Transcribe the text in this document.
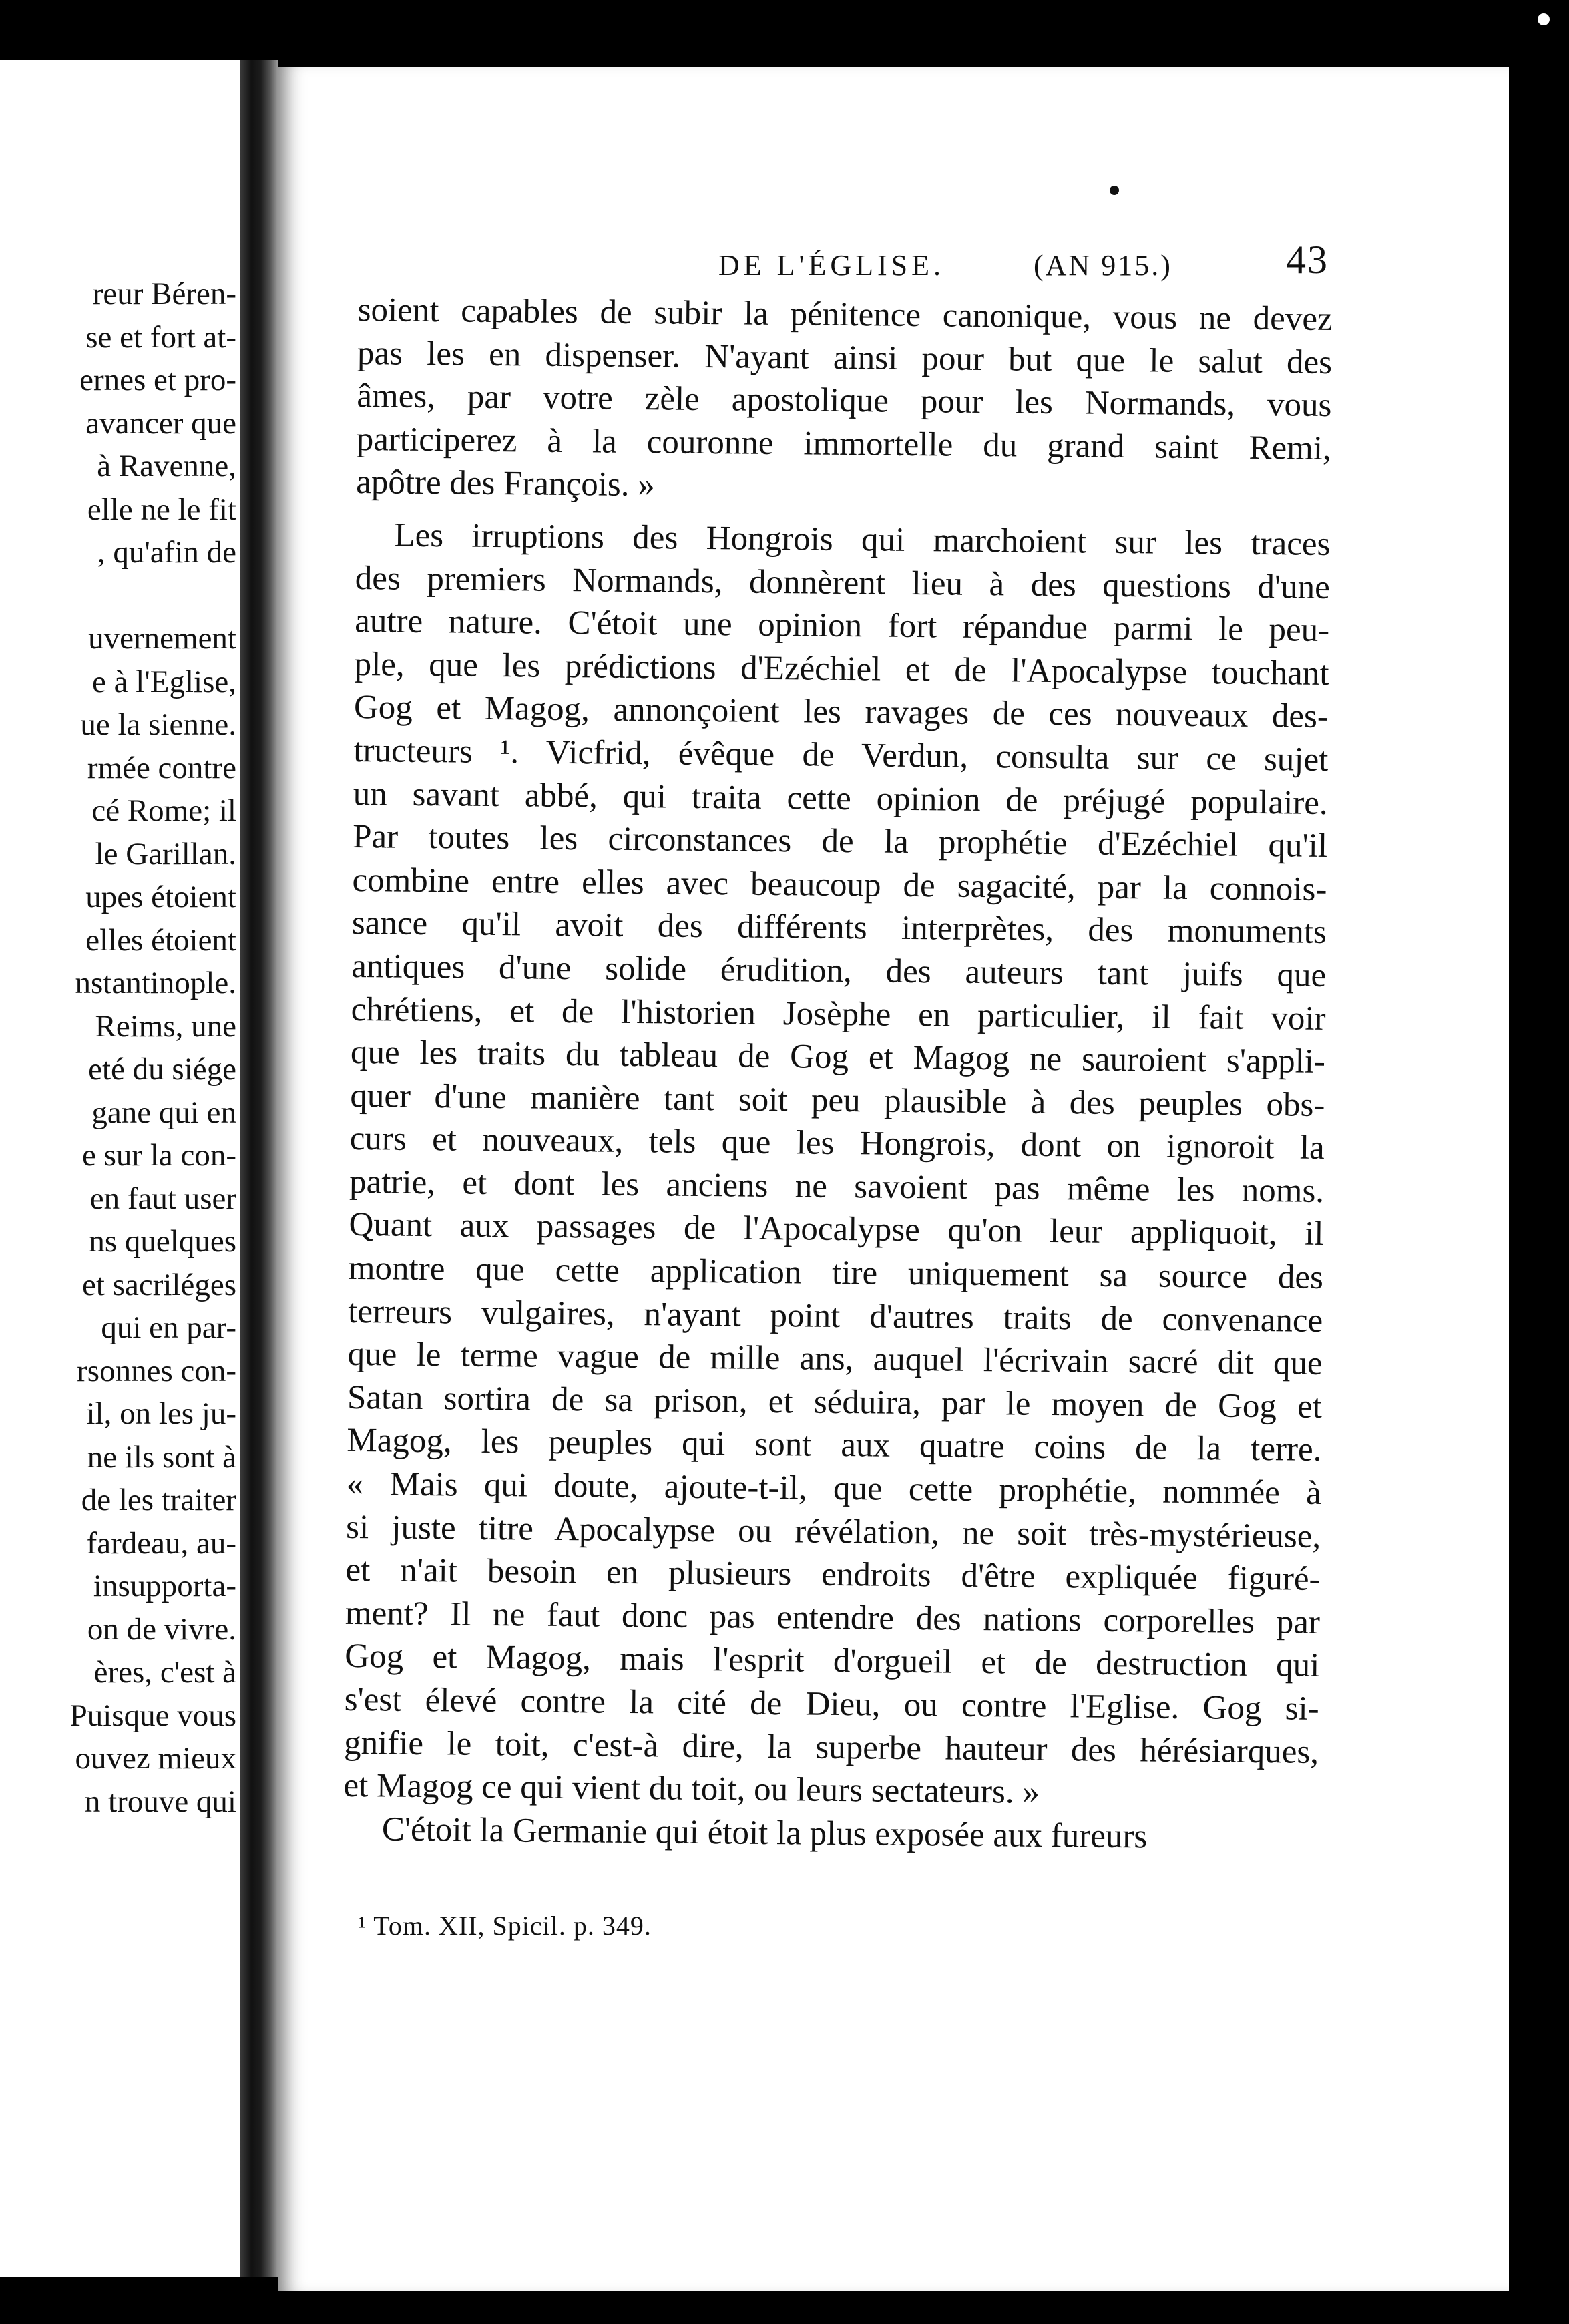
reur Béren-
se et fort at-
ernes et pro-
avancer que
à Ravenne,
elle ne le fit
, qu'afin de

uvernement
e à l'Eglise,
ue la sienne.
rmée contre
cé Rome; il
le Garillan.
upes étoient
elles étoient
nstantinople.
Reims, une
eté du siége
gane qui en
e sur la con-
en faut user
ns quelques
et sacriléges
qui en par-
rsonnes con-
il, on les ju-
ne ils sont à
de les traiter
fardeau, au-
insupporta-
on de vivre.
ères, c'est à
Puisque vous
ouvez mieux
n trouve qui
DE L'ÉGLISE.	(AN 915.)	43
soient capables de subir la pénitence canonique, vous ne devez
pas les en dispenser. N'ayant ainsi pour but que le salut des
âmes, par votre zèle apostolique pour les Normands, vous
participerez à la couronne immortelle du grand saint Remi,
apôtre des François. »
Les irruptions des Hongrois qui marchoient sur les traces
des premiers Normands, donnèrent lieu à des questions d'une
autre nature. C'étoit une opinion fort répandue parmi le peu-
ple, que les prédictions d'Ezéchiel et de l'Apocalypse touchant
Gog et Magog, annonçoient les ravages de ces nouveaux des-
tructeurs ¹. Vicfrid, évêque de Verdun, consulta sur ce sujet
un savant abbé, qui traita cette opinion de préjugé populaire.
Par toutes les circonstances de la prophétie d'Ezéchiel qu'il
combine entre elles avec beaucoup de sagacité, par la connois-
sance qu'il avoit des différents interprètes, des monuments
antiques d'une solide érudition, des auteurs tant juifs que
chrétiens, et de l'historien Josèphe en particulier, il fait voir
que les traits du tableau de Gog et Magog ne sauroient s'appli-
quer d'une manière tant soit peu plausible à des peuples obs-
curs et nouveaux, tels que les Hongrois, dont on ignoroit la
patrie, et dont les anciens ne savoient pas même les noms.
Quant aux passages de l'Apocalypse qu'on leur appliquoit, il
montre que cette application tire uniquement sa source des
terreurs vulgaires, n'ayant point d'autres traits de convenance
que le terme vague de mille ans, auquel l'écrivain sacré dit que
Satan sortira de sa prison, et séduira, par le moyen de Gog et
Magog, les peuples qui sont aux quatre coins de la terre.
« Mais qui doute, ajoute-t-il, que cette prophétie, nommée à
si juste titre Apocalypse ou révélation, ne soit très-mystérieuse,
et n'ait besoin en plusieurs endroits d'être expliquée figuré-
ment? Il ne faut donc pas entendre des nations corporelles par
Gog et Magog, mais l'esprit d'orgueil et de destruction qui
s'est élevé contre la cité de Dieu, ou contre l'Eglise. Gog si-
gnifie le toit, c'est-à dire, la superbe hauteur des hérésiarques,
et Magog ce qui vient du toit, ou leurs sectateurs. »
C'étoit la Germanie qui étoit la plus exposée aux fureurs
¹ Tom. XII, Spicil. p. 349.
